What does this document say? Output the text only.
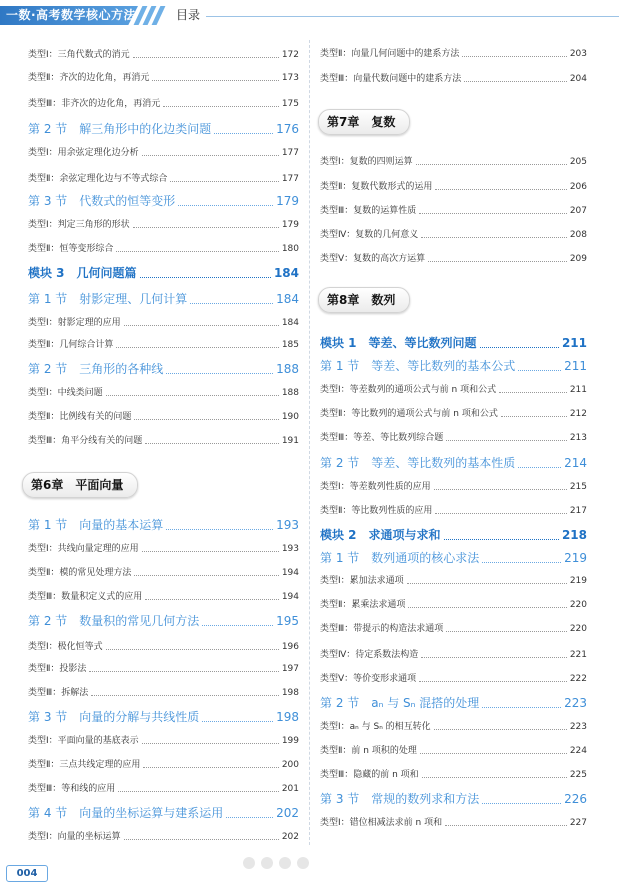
一数·高考数学核心方法	目录
类型Ⅰ：三角代数式的消元	172
类型Ⅱ：齐次的边化角，再消元	173
类型Ⅲ：非齐次的边化角，再消元	175
第 2 节　解三角形中的化边类问题	176
类型Ⅰ：用余弦定理化边分析	177
类型Ⅱ：余弦定理化边与不等式综合	177
第 3 节　代数式的恒等变形	179
类型Ⅰ：判定三角形的形状	179
类型Ⅱ：恒等变形综合	180
模块 3　几何问题篇	184
第 1 节　射影定理、几何计算	184
类型Ⅰ：射影定理的应用	184
类型Ⅱ：几何综合计算	185
第 2 节　三角形的各种线	188
类型Ⅰ：中线类问题	188
类型Ⅱ：比例线有关的问题	190
类型Ⅲ：角平分线有关的问题	191
第 1 节　向量的基本运算	193
类型Ⅰ：共线向量定理的应用	193
类型Ⅱ：模的常见处理方法	194
类型Ⅲ：数量积定义式的应用	194
第 2 节　数量积的常见几何方法	195
类型Ⅰ：极化恒等式	196
类型Ⅱ：投影法	197
类型Ⅲ：拆解法	198
第 3 节　向量的分解与共线性质	198
类型Ⅰ：平面向量的基底表示	199
类型Ⅱ：三点共线定理的应用	200
类型Ⅲ：等和线的应用	201
第 4 节　向量的坐标运算与建系运用	202
类型Ⅰ：向量的坐标运算	202
第6章　平面向量
类型Ⅱ：向量几何问题中的建系方法	203
类型Ⅲ：向量代数问题中的建系方法	204
类型Ⅰ：复数的四则运算	205
类型Ⅱ：复数代数形式的运用	206
类型Ⅲ：复数的运算性质	207
类型Ⅳ：复数的几何意义	208
类型Ⅴ：复数的高次方运算	209
模块 1　等差、等比数列问题	211
第 1 节　等差、等比数列的基本公式	211
类型Ⅰ：等差数列的通项公式与前 n 项和公式	211
类型Ⅱ：等比数列的通项公式与前 n 项和公式	212
类型Ⅲ：等差、等比数列综合题	213
第 2 节　等差、等比数列的基本性质	214
类型Ⅰ：等差数列性质的应用	215
类型Ⅱ：等比数列性质的应用	217
模块 2　求通项与求和	218
第 1 节　数列通项的核心求法	219
类型Ⅰ：累加法求通项	219
类型Ⅱ：累乘法求通项	220
类型Ⅲ：带提示的构造法求通项	220
类型Ⅳ：待定系数法构造	221
类型Ⅴ：等价变形求通项	222
第 2 节　aₙ 与 Sₙ 混搭的处理	223
类型Ⅰ：aₙ 与 Sₙ 的相互转化	223
类型Ⅱ：前 n 项积的处理	224
类型Ⅲ：隐藏的前 n 项和	225
第 3 节　常规的数列求和方法	226
类型Ⅰ：错位相减法求前 n 项和	227
第7章　复数
第8章　数列
004
